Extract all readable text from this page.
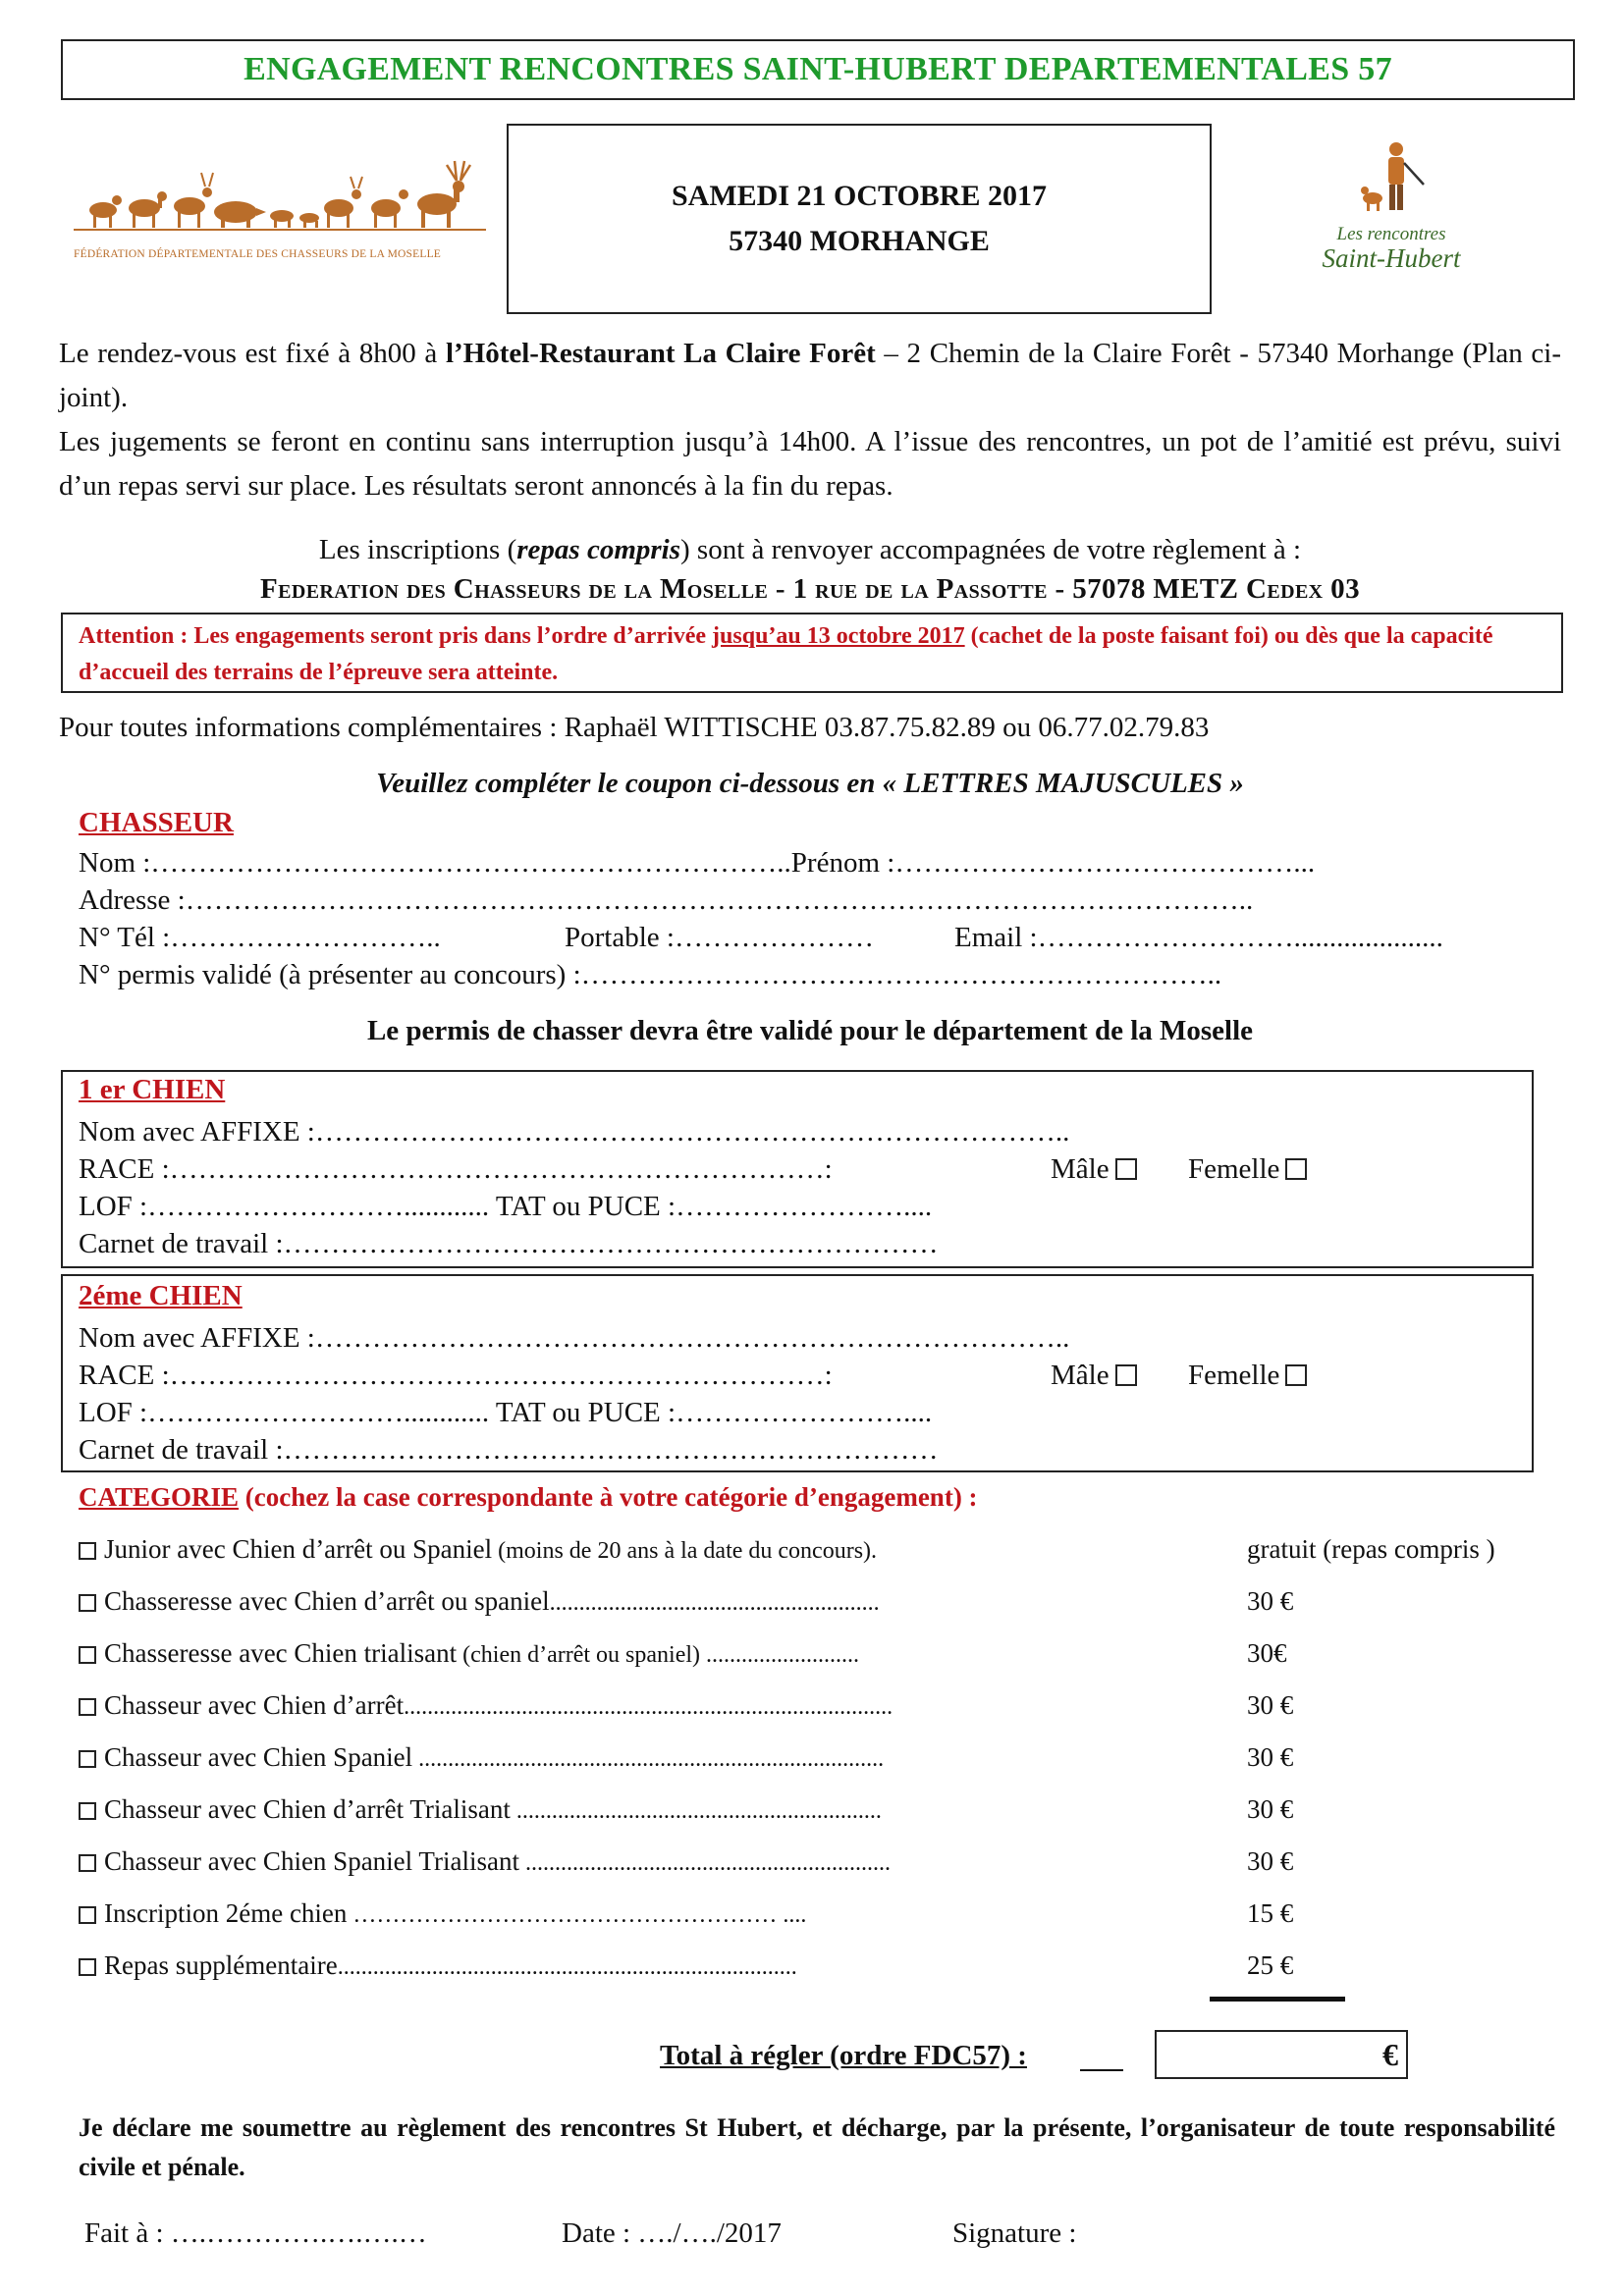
ENGAGEMENT RENCONTRES SAINT-HUBERT DEPARTEMENTALES 57
FÉDÉRATION DÉPARTEMENTALE DES CHASSEURS DE LA MOSELLE
SAMEDI 21 OCTOBRE 2017
57340 MORHANGE	Les rencontres
Saint-Hubert
Le rendez-vous est fixé à 8h00 à l’Hôtel-Restaurant La Claire Forêt – 2 Chemin de la Claire Forêt - 57340 Morhange (Plan ci-joint).
Les jugements se feront en continu sans interruption jusqu’à 14h00. A l’issue des rencontres, un pot de l’amitié est prévu, suivi d’un repas servi sur place. Les résultats seront annoncés à la fin du repas.
Les inscriptions (repas compris) sont à renvoyer accompagnées de votre règlement à :
Federation des Chasseurs de la Moselle - 1 rue de la Passotte - 57078 METZ Cedex 03
Attention : Les engagements seront pris dans l’ordre d’arrivée jusqu’au 13 octobre 2017 (cachet de la poste faisant foi) ou dès que la capacité d’accueil des terrains de l’épreuve sera atteinte.
Pour toutes informations complémentaires : Raphaël WITTISCHE 03.87.75.82.89 ou 06.77.02.79.83
Veuillez compléter le coupon ci-dessous en « LETTRES MAJUSCULES »
CHASSEUR
Nom :…………………………………………………………..Prénom :……………………………………...
Adresse :…………………………………………………………………………………………………..
N° Tél :………………………..	Portable :…………………	Email :……………………….....................
N° permis validé (à présenter au concours) :…………………………………………………………..
Le permis de chasser devra être validé pour le département de la Moselle
1 er CHIEN
Nom avec AFFIXE :……………………………………………………………………..
RACE :……………………………………………………………:	Mâle	Femelle
LOF :………………………............ TAT ou PUCE :……………………....
Carnet de travail :……………………………………………………………
2éme CHIEN
Nom avec AFFIXE :……………………………………………………………………..
RACE :……………………………………………………………:	Mâle	Femelle
LOF :………………………............ TAT ou PUCE :……………………....
Carnet de travail :……………………………………………………………
CATEGORIE (cochez la case correspondante à votre catégorie d’engagement) :
Junior avec Chien d’arrêt ou Spaniel (moins de 20 ans à la date du concours).	gratuit (repas compris )
Chasseresse avec Chien d’arrêt ou spaniel........................................................	30 €
Chasseresse avec Chien trialisant (chien d’arrêt ou spaniel) ..........................	30€
Chasseur avec Chien d’arrêt...................................................................................	30 €
Chasseur avec Chien Spaniel ...............................................................................	30 €
Chasseur avec Chien d’arrêt Trialisant ..............................................................	30 €
Chasseur avec Chien Spaniel Trialisant ..............................................................	30 €
Inscription 2éme chien ……………………………………………… ....	15 €
Repas supplémentaire..............................................................................	25 €
Total à régler (ordre FDC57) :	€
Je déclare me soumettre au règlement des rencontres St Hubert, et décharge, par la présente, l’organisateur de toute responsabilité civile et pénale.
Fait à : ….………….….….…	Date : …./…./2017	Signature :
